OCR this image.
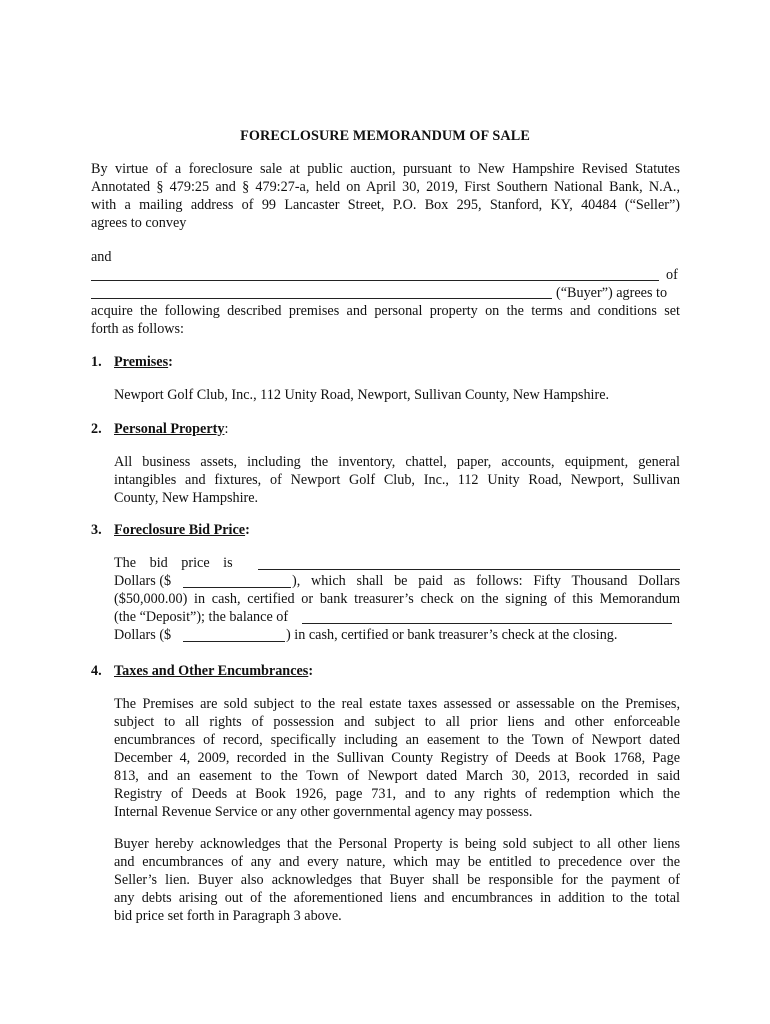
FORECLOSURE MEMORANDUM OF SALE
By virtue of a foreclosure sale at public auction, pursuant to New Hampshire Revised Statutes
Annotated § 479:25 and § 479:27-a, held on April 30, 2019, First Southern National Bank, N.A.,
with a mailing address of 99 Lancaster Street, P.O. Box 295, Stanford, KY, 40484 (“Seller”)
agrees to convey
and
of
(“Buyer”) agrees to
acquire the following described premises and personal property on the terms and conditions set
forth as follows:
1. Premises:
Newport Golf Club, Inc., 112 Unity Road, Newport, Sullivan County, New Hampshire.
2. Personal Property:
All business assets, including the inventory, chattel, paper, accounts, equipment, general
intangibles and fixtures, of Newport Golf Club, Inc., 112 Unity Road, Newport, Sullivan
County, New Hampshire.
3. Foreclosure Bid Price:
The bid price is
Dollars ($	), which shall be paid as follows: Fifty Thousand Dollars
($50,000.00) in cash, certified or bank treasurer’s check on the signing of this Memorandum
(the “Deposit”); the balance of
Dollars ($	) in cash, certified or bank treasurer’s check at the closing.
4. Taxes and Other Encumbrances:
The Premises are sold subject to the real estate taxes assessed or assessable on the Premises,
subject to all rights of possession and subject to all prior liens and other enforceable
encumbrances of record, specifically including an easement to the Town of Newport dated
December 4, 2009, recorded in the Sullivan County Registry of Deeds at Book 1768, Page
813, and an easement to the Town of Newport dated March 30, 2013, recorded in said
Registry of Deeds at Book 1926, page 731, and to any rights of redemption which the
Internal Revenue Service or any other governmental agency may possess.
Buyer hereby acknowledges that the Personal Property is being sold subject to all other liens
and encumbrances of any and every nature, which may be entitled to precedence over the
Seller’s lien. Buyer also acknowledges that Buyer shall be responsible for the payment of
any debts arising out of the aforementioned liens and encumbrances in addition to the total
bid price set forth in Paragraph 3 above.
